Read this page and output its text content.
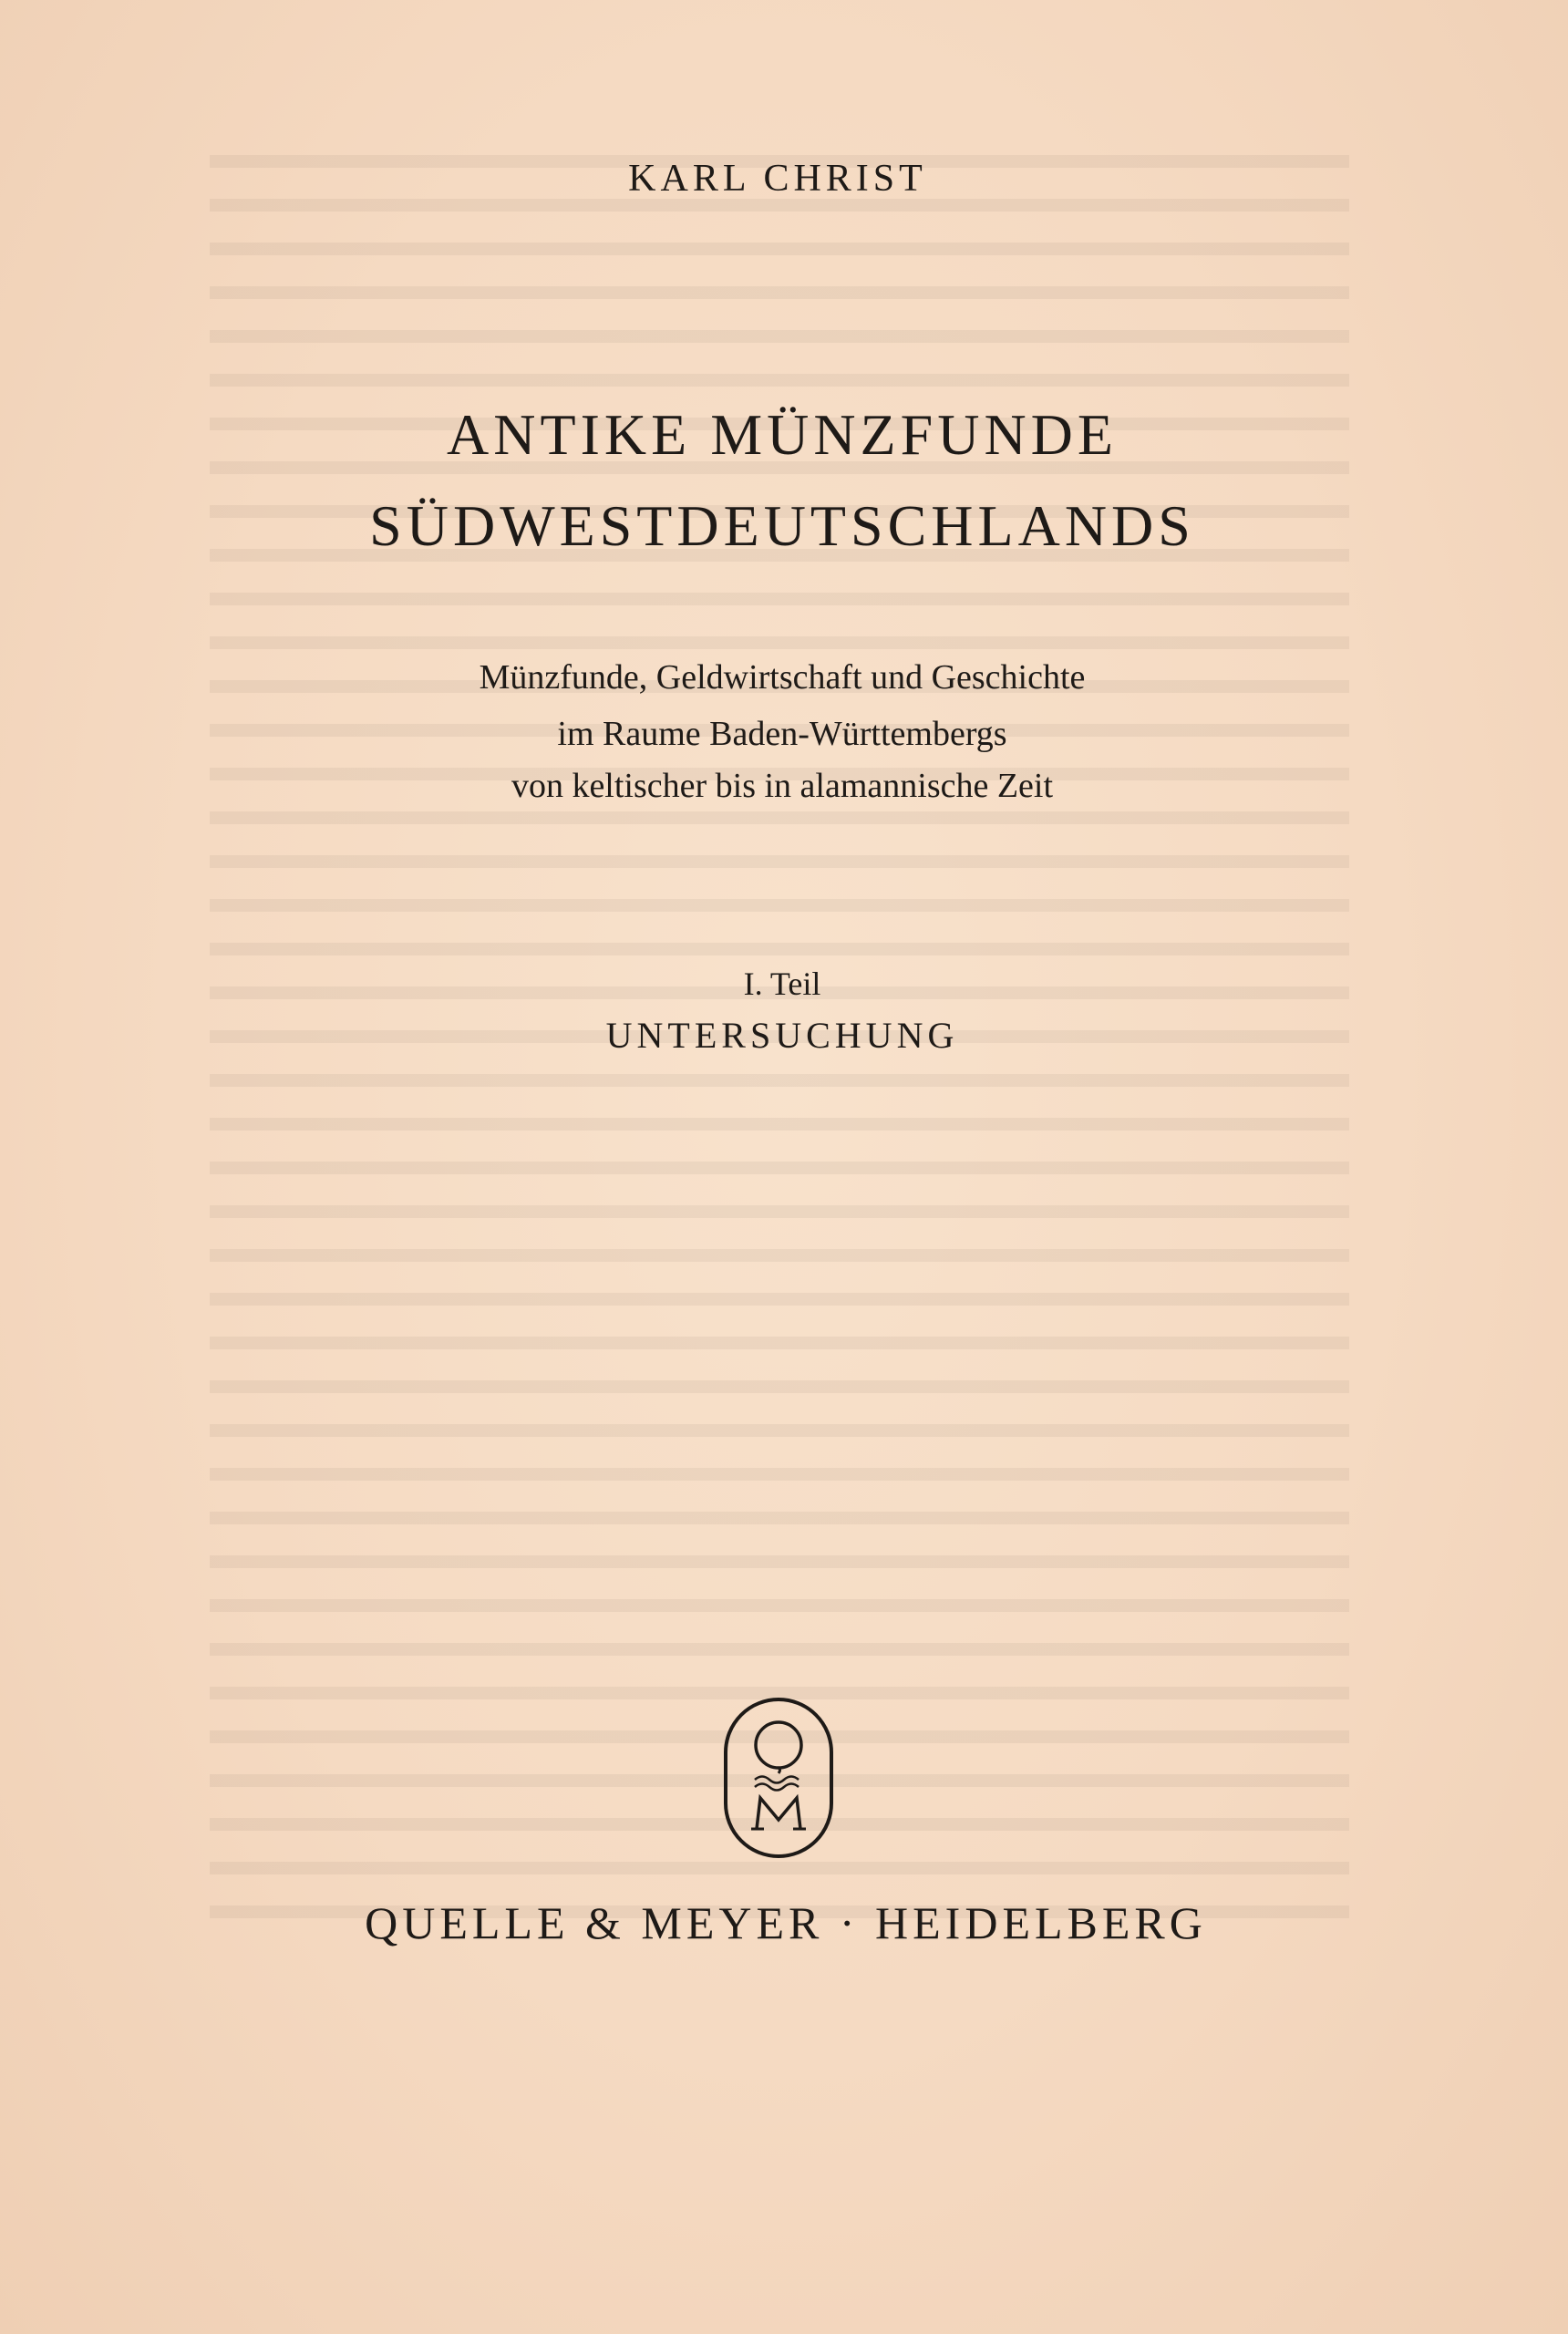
KARL CHRIST
ANTIKE MÜNZFUNDE
SÜDWESTDEUTSCHLANDS
Münzfunde, Geldwirtschaft und Geschichte
im Raume Baden-Württembergs
von keltischer bis in alamannische Zeit
I. Teil
UNTERSUCHUNG
QUELLE & MEYER · HEIDELBERG
